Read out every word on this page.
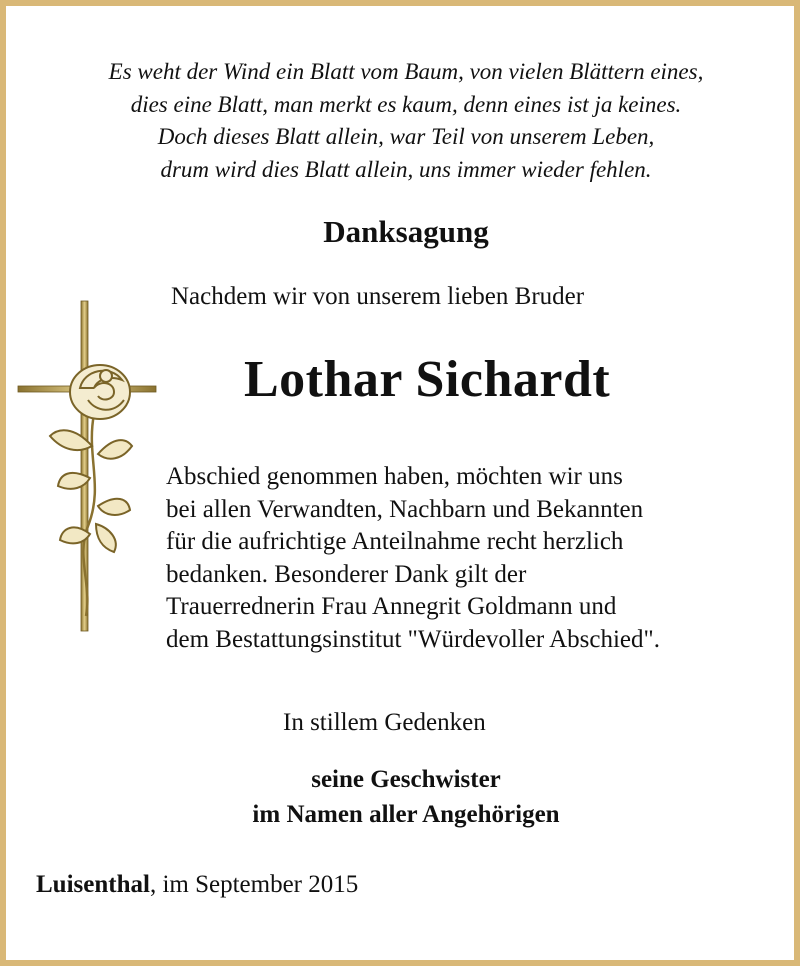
Es weht der Wind ein Blatt vom Baum, von vielen Blättern eines,
dies eine Blatt, man merkt es kaum, denn eines ist ja keines.
Doch dieses Blatt allein, war Teil von unserem Leben,
drum wird dies Blatt allein, uns immer wieder fehlen.
Danksagung
Nachdem wir von unserem lieben Bruder
Lothar Sichardt
Abschied genommen haben, möchten wir uns
bei allen Verwandten, Nachbarn und Bekannten
für die aufrichtige Anteilnahme recht herzlich
bedanken. Besonderer Dank gilt der
Trauerrednerin Frau Annegrit Goldmann und
dem Bestattungsinstitut "Würdevoller Abschied".
In stillem Gedenken
seine Geschwister
im Namen aller Angehörigen
Luisenthal, im September 2015
